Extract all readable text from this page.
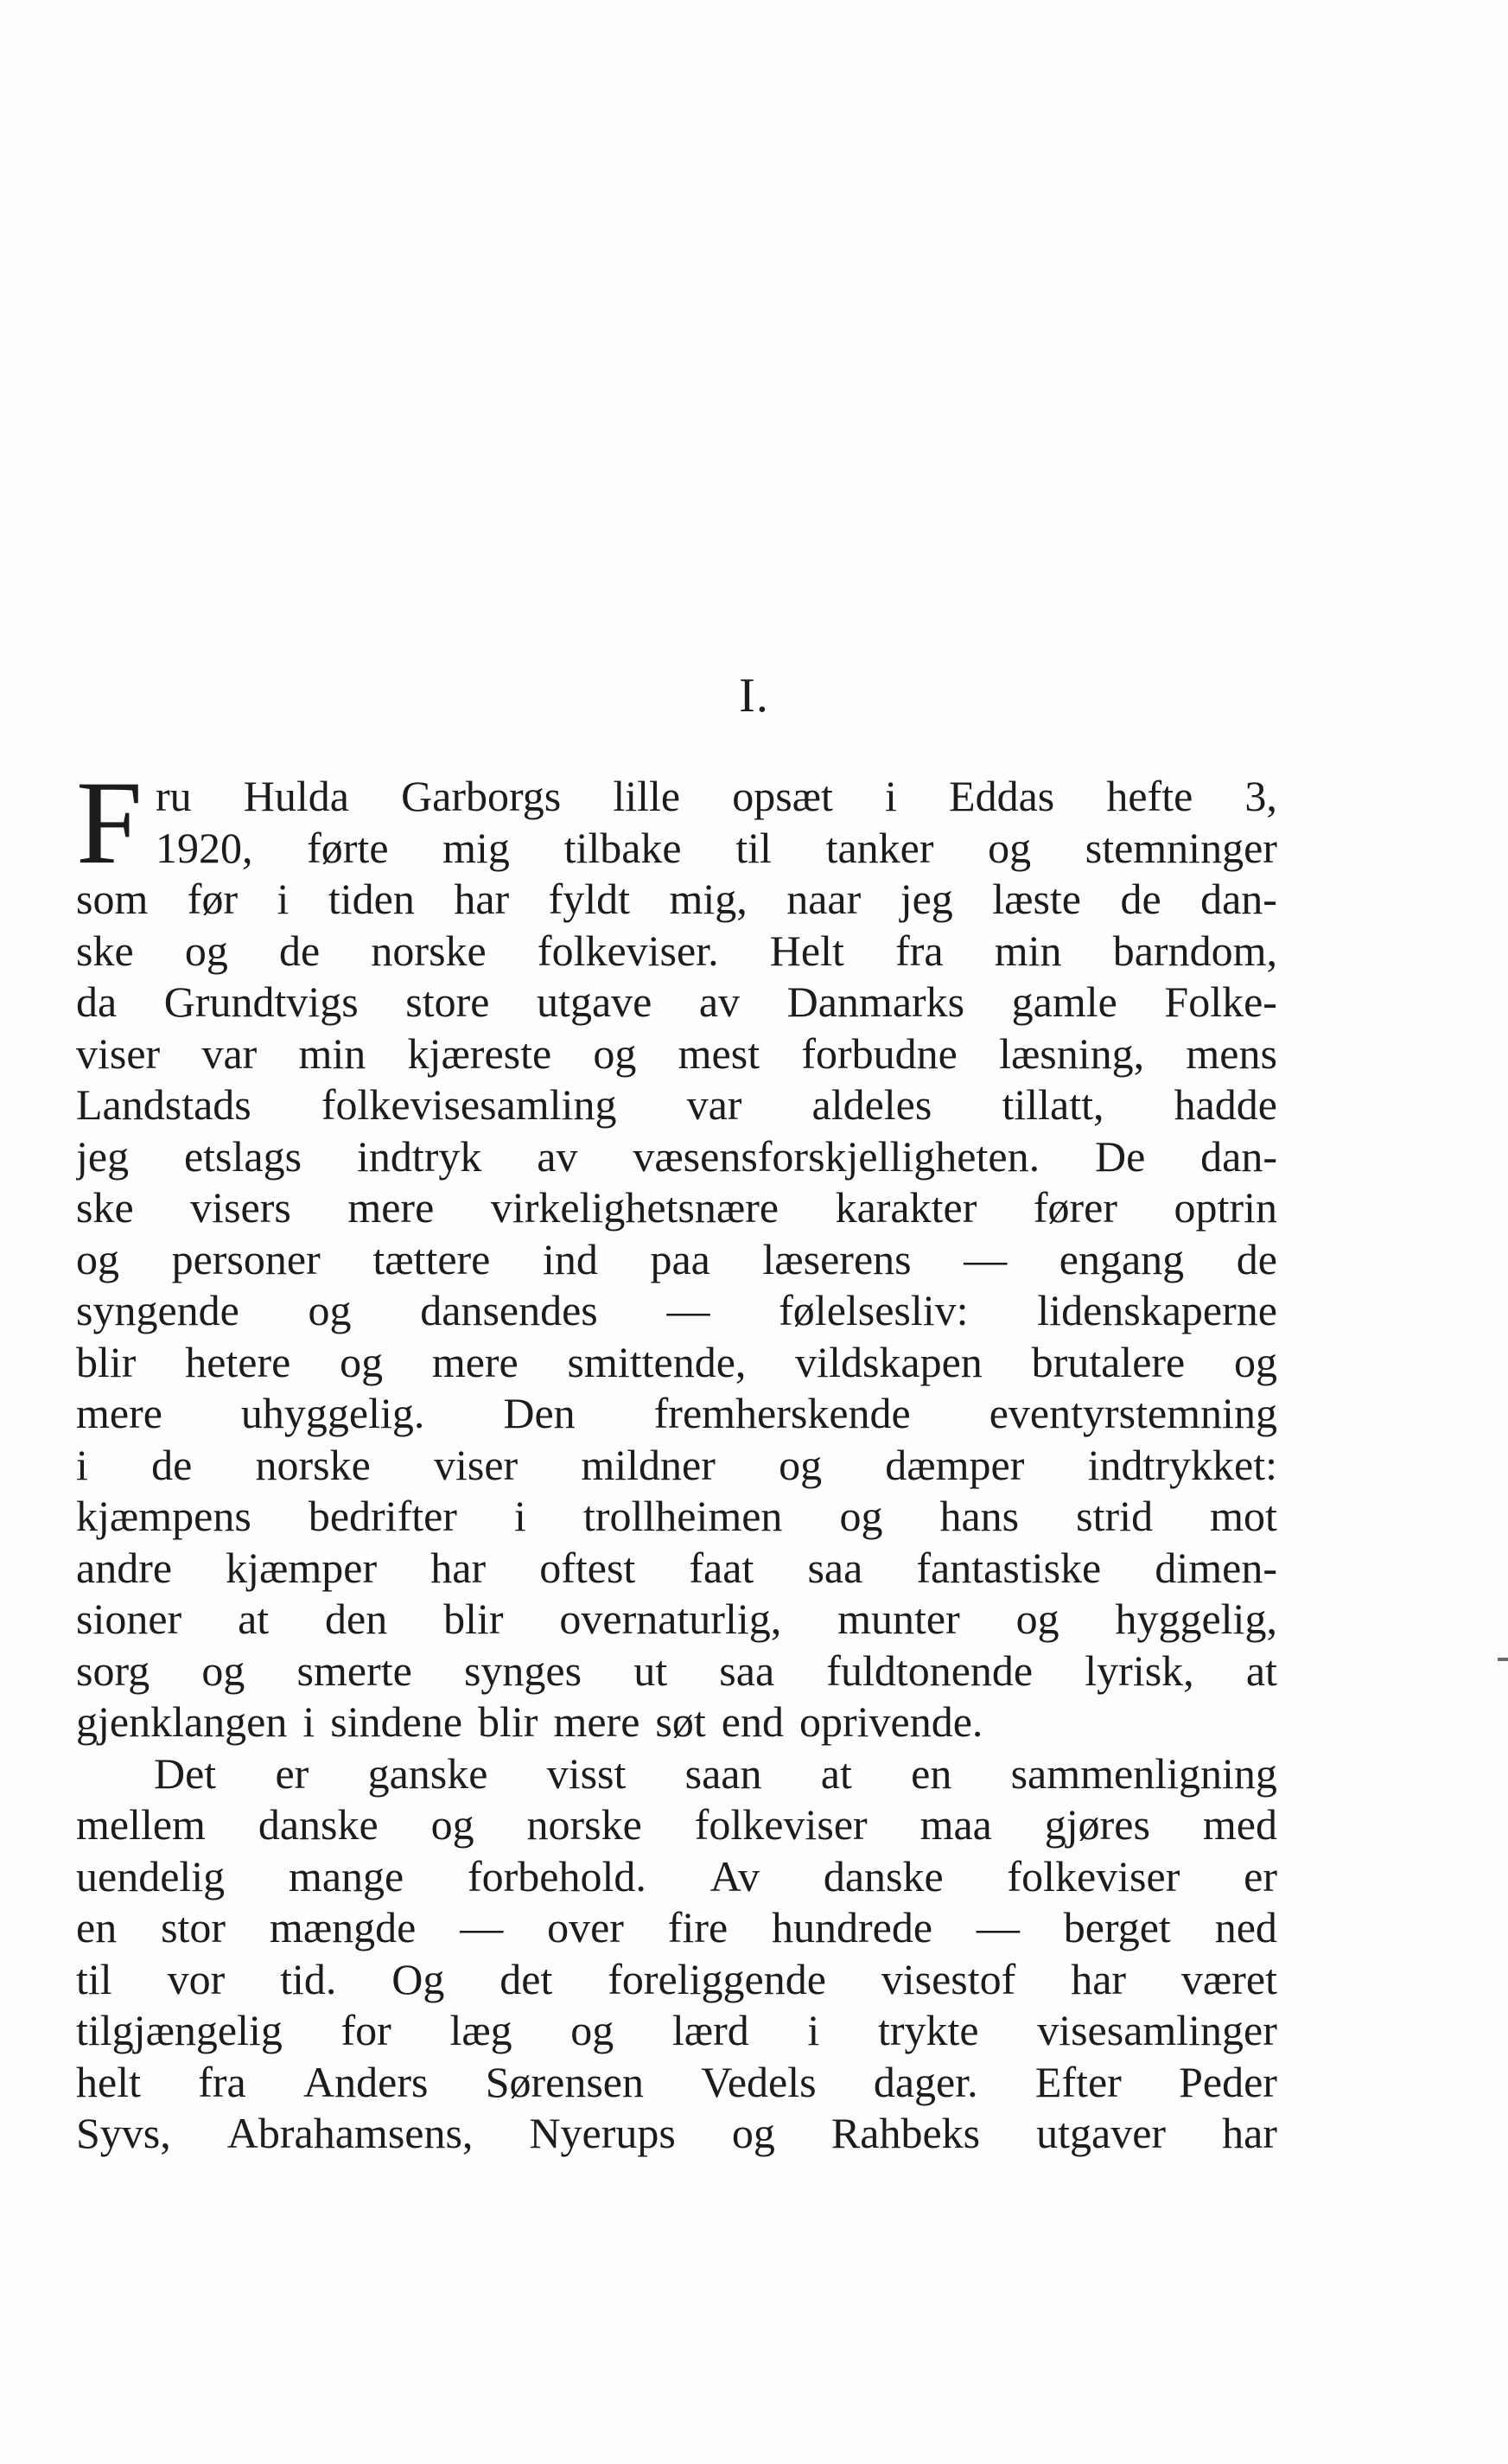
I.
F ru Hulda Garborgs lille opsæt i Eddas hefte 3,
1920, førte mig tilbake til tanker og stemninger
som før i tiden har fyldt mig, naar jeg læste de dan-
ske og de norske folkeviser. Helt fra min barndom,
da Grundtvigs store utgave av Danmarks gamle Folke-
viser var min kjæreste og mest forbudne læsning, mens
Landstads folkevisesamling var aldeles tillatt, hadde
jeg etslags indtryk av væsensforskjelligheten. De dan-
ske visers mere virkelighetsnære karakter fører optrin
og personer tættere ind paa læserens — engang de
syngende og dansendes — følelsesliv: lidenskaperne
blir hetere og mere smittende, vildskapen brutalere og
mere uhyggelig. Den fremherskende eventyrstemning
i de norske viser mildner og dæmper indtrykket:
kjæmpens bedrifter i trollheimen og hans strid mot
andre kjæmper har oftest faat saa fantastiske dimen-
sioner at den blir overnaturlig, munter og hyggelig,
sorg og smerte synges ut saa fuldtonende lyrisk, at
gjenklangen i sindene blir mere søt end oprivende.
Det er ganske visst saan at en sammenligning
mellem danske og norske folkeviser maa gjøres med
uendelig mange forbehold. Av danske folkeviser er
en stor mængde — over fire hundrede — berget ned
til vor tid. Og det foreliggende visestof har været
tilgjængelig for læg og lærd i trykte visesamlinger
helt fra Anders Sørensen Vedels dager. Efter Peder
Syvs, Abrahamsens, Nyerups og Rahbeks utgaver har
